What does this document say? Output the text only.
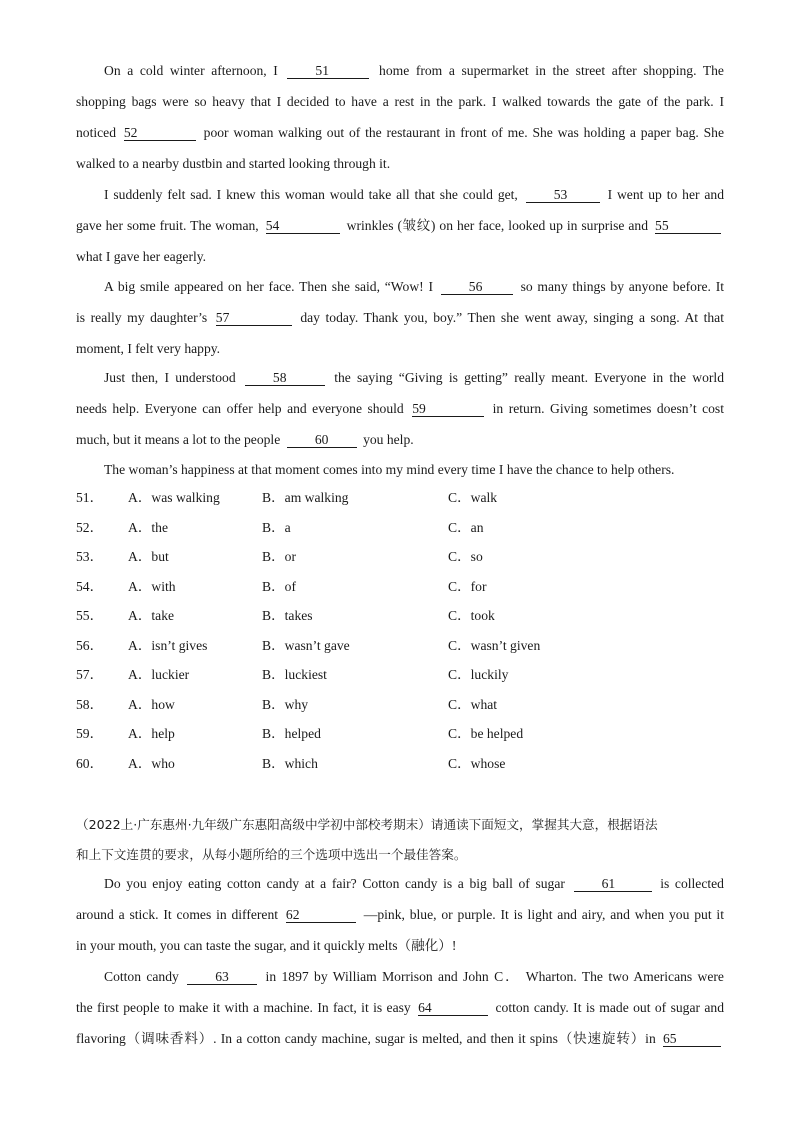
On a cold winter afternoon, I	51	home from a supermarket in the street after shopping. The
shopping bags were so heavy that I decided to have a rest in the park. I walked towards the gate of the park. I
noticed 52	poor woman walking out of the restaurant in front of me. She was holding a paper bag. She
walked to a nearby dustbin and started looking through it.
I suddenly felt sad. I knew this woman would take all that she could get,	53	I went up to her and
gave her some fruit. The woman, 54	wrinkles (皱纹) on her face, looked up in surprise and 55
what I gave her eagerly.
A big smile appeared on her face. Then she said, “Wow! I	56	so many things by anyone before. It
is really my daughter’s 57	day today. Thank you, boy.” Then she went away, singing a song. At that
moment, I felt very happy.
Just then, I understood	58	the saying “Giving is getting” really meant. Everyone in the world
needs help. Everyone can offer help and everyone should 59	in return. Giving sometimes doesn’t cost
much, but it means a lot to the people	60	you help.
The woman’s happiness at that moment comes into my mind every time I have the chance to help others.
51． A．was walking	B．am walking	C．walk
52． A．the	B．a	C．an
53． A．but	B．or	C．so
54． A．with	B．of	C．for
55． A．take	B．takes	C．took
56． A．isn’t gives	B．wasn’t gave	C．wasn’t given
57． A．luckier	B．luckiest	C．luckily
58． A．how	B．why	C．what
59． A．help	B．helped	C．be helped
60． A．who	B．which	C．whose
（2022上·广东惠州·九年级广东惠阳高级中学初中部校考期末）请通读下面短文，掌握其大意，根据语法
和上下文连贯的要求，从每小题所给的三个选项中选出一个最佳答案。
Do you enjoy eating cotton candy at a fair? Cotton candy is a big ball of sugar	61	is collected
around a stick. It comes in different 62	—pink, blue, or purple. It is light and airy, and when you put it
in your mouth, you can taste the sugar, and it quickly melts（融化）!
Cotton candy	63	in 1897 by William Morrison and John C． Wharton. The two Americans were
the first people to make it with a machine. In fact, it is easy 64	cotton candy. It is made out of sugar and
flavoring（调味香料）. In a cotton candy machine, sugar is melted, and then it spins（快速旋转）in 65
